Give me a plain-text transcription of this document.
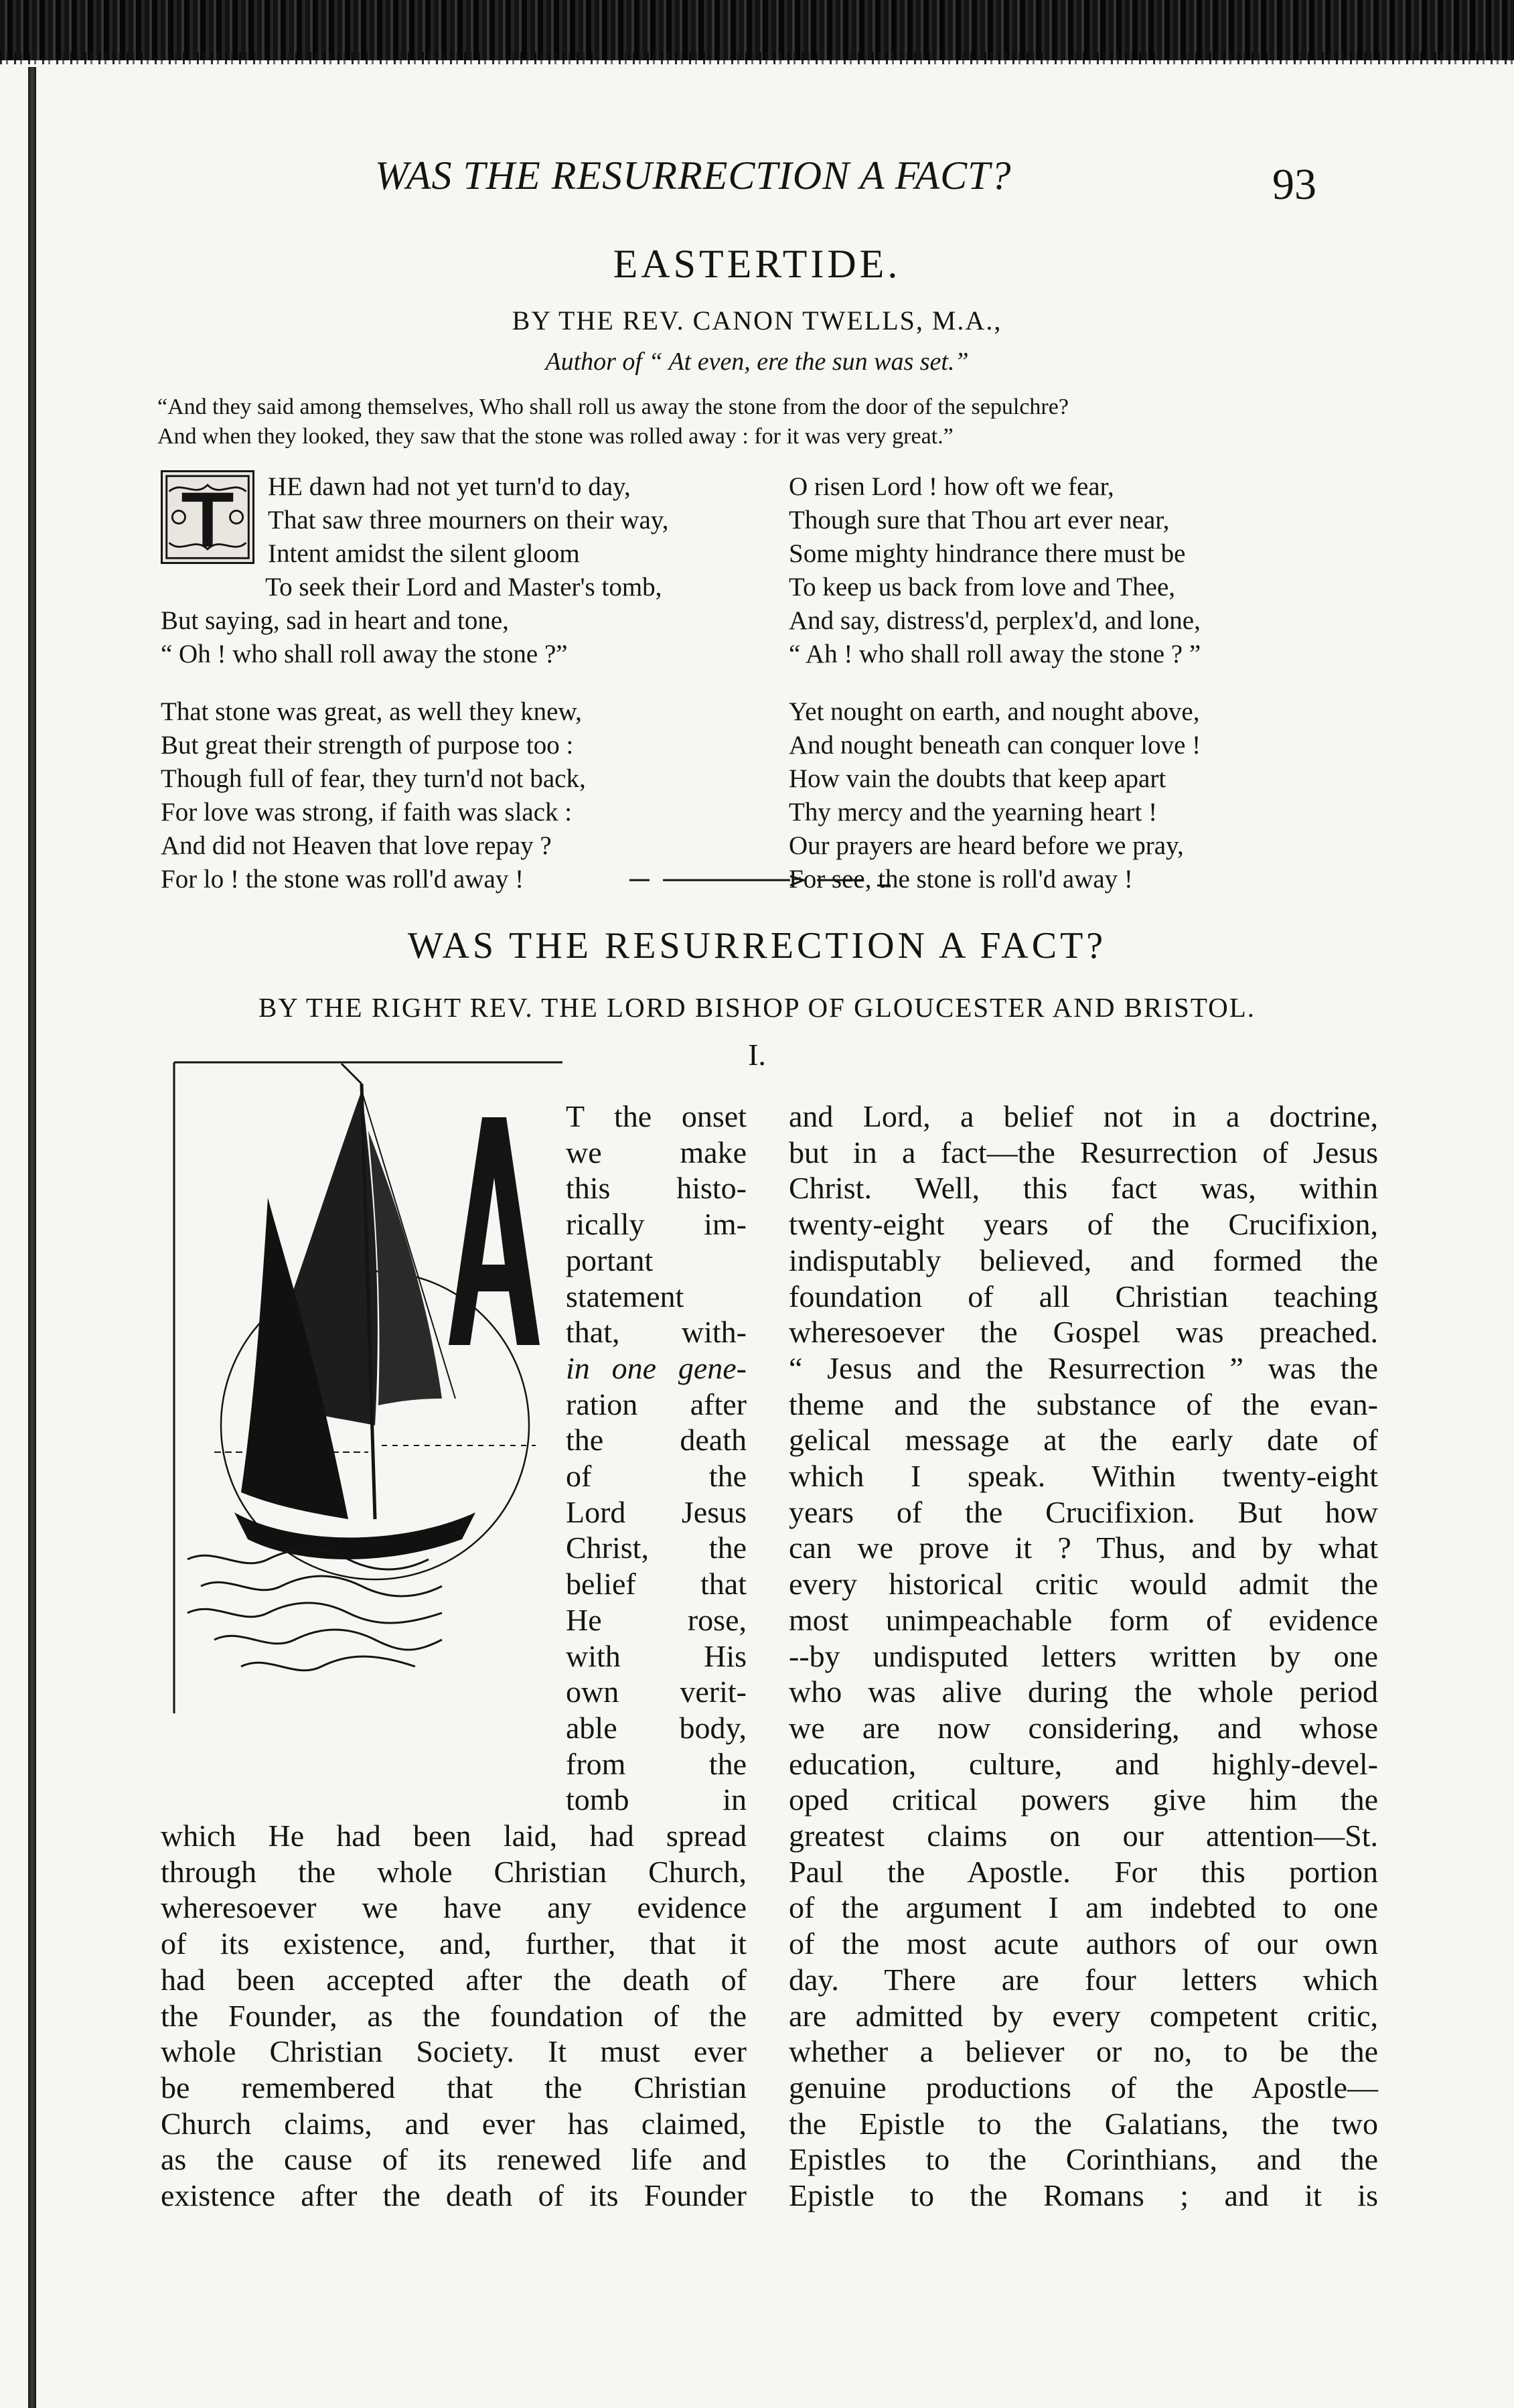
WAS THE RESURRECTION A FACT?	93
EASTERTIDE.
BY THE REV. CANON TWELLS, M.A.,
Author of “ At even, ere the sun was set.”
“And they said among themselves, Who shall roll us away the stone from the door of the sepulchre?
And when they looked, they saw that the stone was rolled away : for it was very great.”
HE dawn had not yet turn'd to day,
That saw three mourners on their way,
Intent amidst the silent gloom
To seek their Lord and Master's tomb,
But saying, sad in heart and tone,
“ Oh ! who shall roll away the stone ?”
That stone was great, as well they knew,
But great their strength of purpose too :
Though full of fear, they turn'd not back,
For love was strong, if faith was slack :
And did not Heaven that love repay ?
For lo ! the stone was roll'd away !
O risen Lord ! how oft we fear,
Though sure that Thou art ever near,
Some mighty hindrance there must be
To keep us back from love and Thee,
And say, distress'd, perplex'd, and lone,
“ Ah ! who shall roll away the stone ? ”
Yet nought on earth, and nought above,
And nought beneath can conquer love !
How vain the doubts that keep apart
Thy mercy and the yearning heart !
Our prayers are heard before we pray,
For see, the stone is roll'd away !
WAS THE RESURRECTION A FACT?
BY THE RIGHT REV. THE LORD BISHOP OF GLOUCESTER AND BRISTOL.
I.
T the onset
we make
this histo-
rically im-
portant
statement
that, with-
in one gene-
ration after
the death
of the
Lord Jesus
Christ, the
belief that
He rose,
with His
own verit-
able body,
from the
tomb in
which He had been laid, had spread
through the whole Christian Church,
wheresoever we have any evidence
of its existence, and, further, that it
had been accepted after the death of
the Founder, as the foundation of the
whole Christian Society. It must ever
be remembered that the Christian
Church claims, and ever has claimed,
as the cause of its renewed life and
existence after the death of its Founder
and Lord, a belief not in a doctrine,
but in a fact—the Resurrection of Jesus
Christ. Well, this fact was, within
twenty-eight years of the Crucifixion,
indisputably believed, and formed the
foundation of all Christian teaching
wheresoever the Gospel was preached.
“ Jesus and the Resurrection ” was the
theme and the substance of the evan-
gelical message at the early date of
which I speak. Within twenty-eight
years of the Crucifixion. But how
can we prove it ? Thus, and by what
every historical critic would admit the
most unimpeachable form of evidence
--by undisputed letters written by one
who was alive during the whole period
we are now considering, and whose
education, culture, and highly-devel-
oped critical powers give him the
greatest claims on our attention—St.
Paul the Apostle. For this portion
of the argument I am indebted to one
of the most acute authors of our own
day. There are four letters which
are admitted by every competent critic,
whether a believer or no, to be the
genuine productions of the Apostle—
the Epistle to the Galatians, the two
Epistles to the Corinthians, and the
Epistle to the Romans ; and it is
